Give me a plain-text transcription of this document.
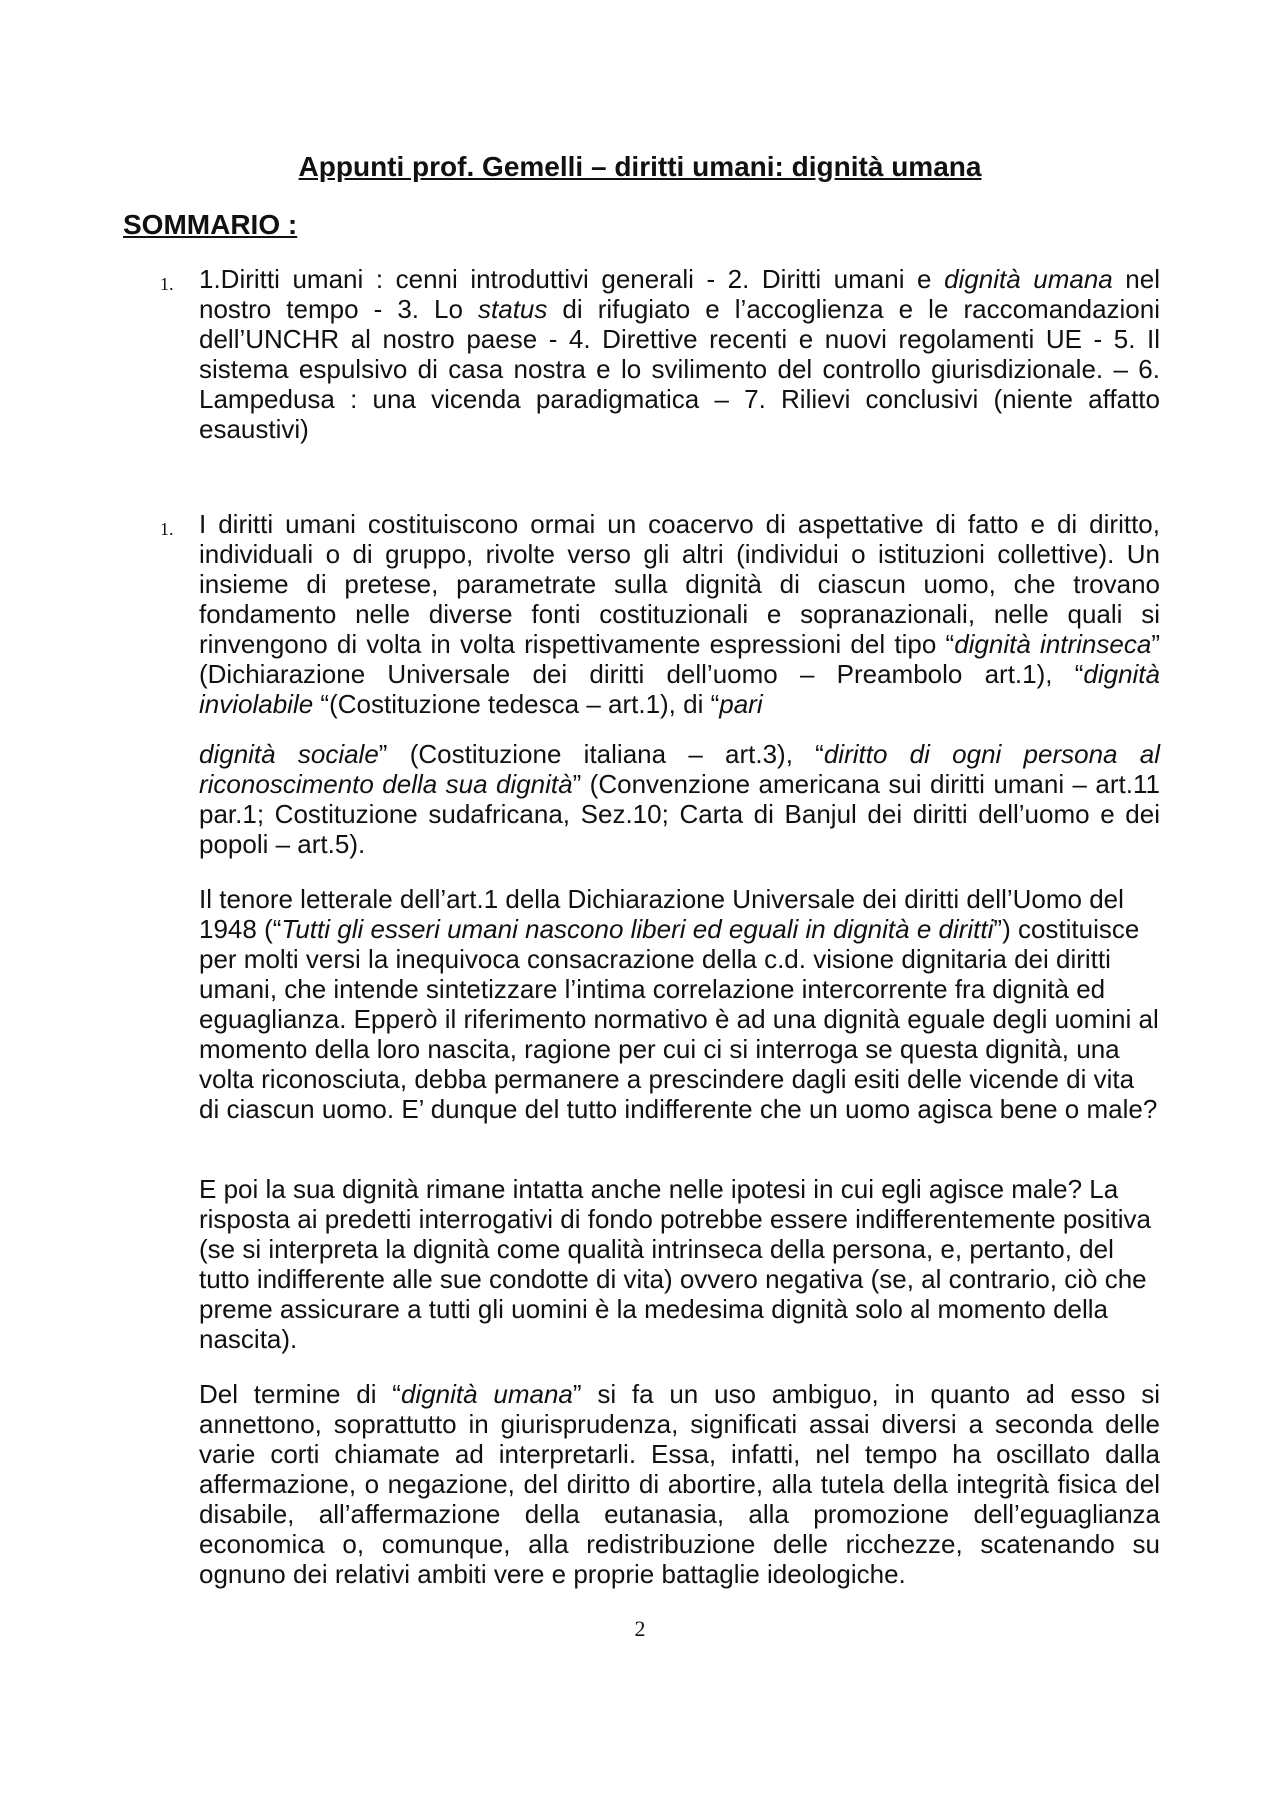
Appunti prof. Gemelli – diritti umani: dignità umana
SOMMARIO :
1. 1.Diritti umani : cenni introduttivi generali - 2. Diritti umani e dignità umana nel nostro tempo - 3. Lo status di rifugiato e l’accoglienza e le raccomandazioni dell’UNCHR al nostro paese - 4. Direttive recenti e nuovi regolamenti UE - 5. Il sistema espulsivo di casa nostra e lo svilimento del controllo giurisdizionale. – 6. Lampedusa : una vicenda paradigmatica – 7. Rilievi conclusivi (niente affatto esaustivi)

1. I diritti umani costituiscono ormai un coacervo di aspettative di fatto e di diritto, individuali o di gruppo, rivolte verso gli altri (individui o istituzioni collettive). Un insieme di pretese, parametrate sulla dignità di ciascun uomo, che trovano fondamento nelle diverse fonti costituzionali e sopranazionali, nelle quali si rinvengono di volta in volta rispettivamente espressioni del tipo “dignità intrinseca” (Dichiarazione Universale dei diritti dell’uomo – Preambolo art.1), “dignità inviolabile “(Costituzione tedesca – art.1), di “pari

dignità sociale” (Costituzione italiana – art.3), “diritto di ogni persona al riconoscimento della sua dignità” (Convenzione americana sui diritti umani – art.11 par.1; Costituzione sudafricana, Sez.10; Carta di Banjul dei diritti dell’uomo e dei popoli – art.5).

Il tenore letterale dell’art.1 della Dichiarazione Universale dei diritti dell’Uomo del 1948 (“Tutti gli esseri umani nascono liberi ed eguali in dignità e diritti”) costituisce per molti versi la inequivoca consacrazione della c.d. visione dignitaria dei diritti umani, che intende sintetizzare l’intima correlazione intercorrente fra dignità ed eguaglianza. Epperò il riferimento normativo è ad una dignità eguale degli uomini al momento della loro nascita, ragione per cui ci si interroga se questa dignità, una volta riconosciuta, debba permanere a prescindere dagli esiti delle vicende di vita di ciascun uomo. E’ dunque del tutto indifferente che un uomo agisca bene o male?

E poi la sua dignità rimane intatta anche nelle ipotesi in cui egli agisce male? La risposta ai predetti interrogativi di fondo potrebbe essere indifferentemente positiva (se si interpreta la dignità come qualità intrinseca della persona, e, pertanto, del tutto indifferente alle sue condotte di vita) ovvero negativa (se, al contrario, ciò che preme assicurare a tutti gli uomini è la medesima dignità solo al momento della nascita).

Del termine di “dignità umana” si fa un uso ambiguo, in quanto ad esso si annettono, soprattutto in giurisprudenza, significati assai diversi a seconda delle varie corti chiamate ad interpretarli. Essa, infatti, nel tempo ha oscillato dalla affermazione, o negazione, del diritto di abortire, alla tutela della integrità fisica del disabile, all’affermazione della eutanasia, alla promozione dell’eguaglianza economica o, comunque, alla redistribuzione delle ricchezze, scatenando su ognuno dei relativi ambiti vere e proprie battaglie ideologiche.

2
